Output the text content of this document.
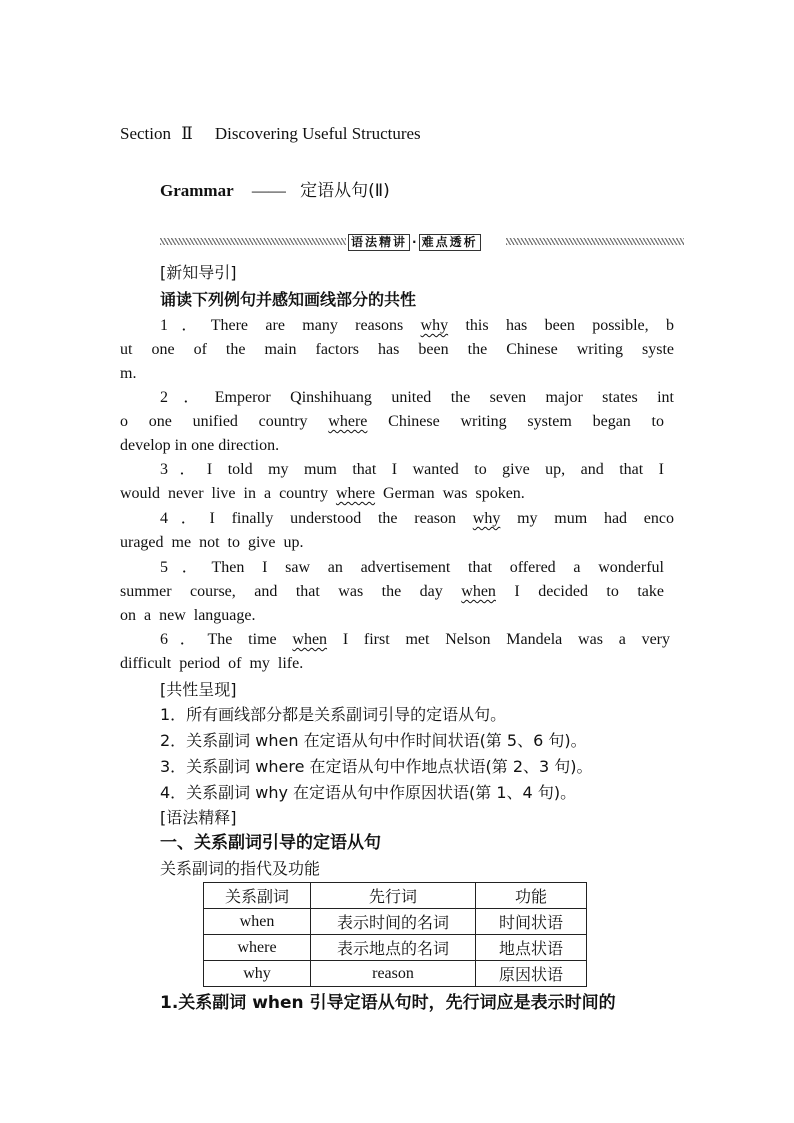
Section Ⅱ Discovering Useful Structures
Grammar —— 定语从句(Ⅱ)
语法精讲 · 难点透析
[新知导引]
诵读下列例句并感知画线部分的共性
1．There are many reasons why this has been possible, b
ut one of the main factors has been the Chinese writing syste
m.
2．Emperor Qinshihuang united the seven major states int
o one unified country where Chinese writing system began to
develop in one direction.
3．I told my mum that I wanted to give up, and that I
would never live in a country where German was spoken.
4．I finally understood the reason why my mum had enco
uraged me not to give up.
5．Then I saw an advertisement that offered a wonderful
summer course, and that was the day when I decided to take
on a new language.
6．The time when I first met Nelson Mandela was a very
difficult period of my life.
[共性呈现]
1．所有画线部分都是关系副词引导的定语从句。
2．关系副词 when 在定语从句中作时间状语(第 5、6 句)。
3．关系副词 where 在定语从句中作地点状语(第 2、3 句)。
4．关系副词 why 在定语从句中作原因状语(第 1、4 句)。
[语法精释]
一、关系副词引导的定语从句
关系副词的指代及功能
关系副词	先行词	功能
when	表示时间的名词	时间状语
where	表示地点的名词	地点状语
why	reason	原因状语
1.关系副词 when 引导定语从句时，先行词应是表示时间的
